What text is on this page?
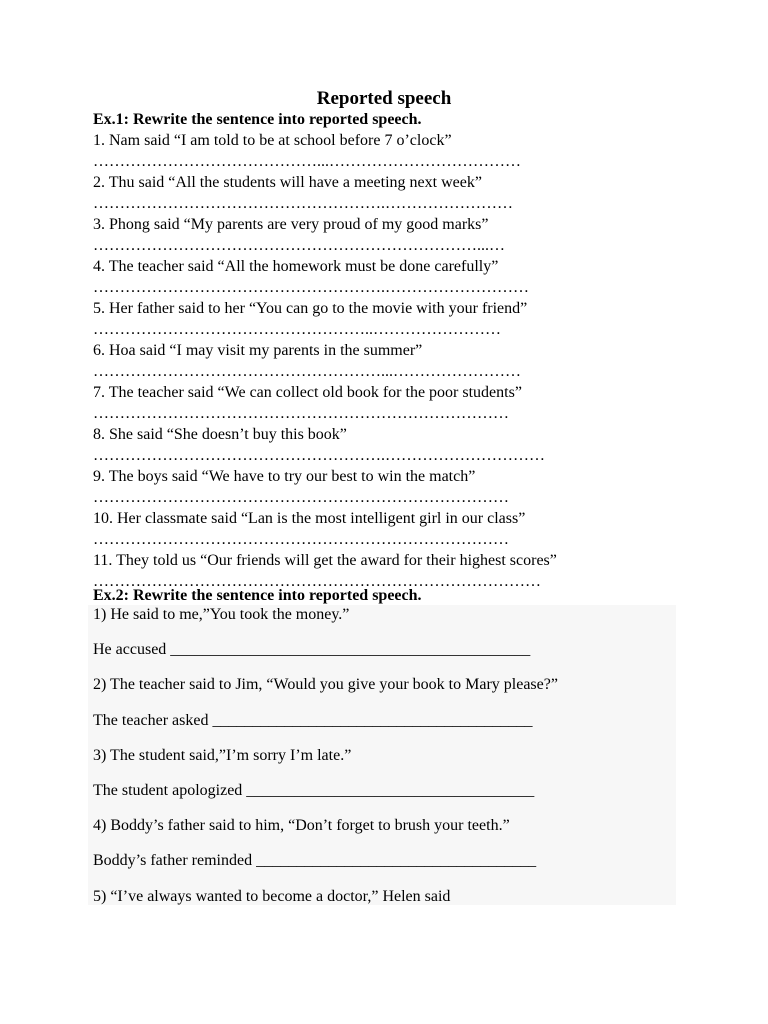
Reported speech
Ex.1: Rewrite the sentence into reported speech.
1. Nam said “I am told to be at school before 7 o’clock”
……………………………………...………………………………
2. Thu said “All the students will have a meeting next week”
……………………………………………….……………………
3. Phong said “My parents are very proud of my good marks”
………………………………………………………………...…
4. The teacher said “All the homework must be done carefully”
……………………………………………….………………………
5. Her father said to her “You can go to the movie with your friend”
……………………………………………..……………………
6. Hoa said “I may visit my parents in the summer”
………………………………………………...……………………
7. The teacher said “We can collect old book for the poor students”
……………………………………………………………………
8. She said “She doesn’t buy this book”
……………………………………………….…………………………
9. The boys said “We have to try our best to win the match”
……………………………………………………………………
10. Her classmate said “Lan is the most intelligent girl in our class”
……………………………………………………………………
11. They told us “Our friends will get the award for their highest scores”
…………………………………………………………………………
Ex.2: Rewrite the sentence into reported speech.
1) He said to me,”You took the money.”
He accused _____________________________________________
2) The teacher said to Jim, “Would you give your book to Mary please?”
The teacher asked ________________________________________
3) The student said,”I’m sorry I’m late.”
The student apologized ____________________________________
4) Boddy’s father said to him, “Don’t forget to brush your teeth.”
Boddy’s father reminded ___________________________________
5) “I’ve always wanted to become a doctor,” Helen said
